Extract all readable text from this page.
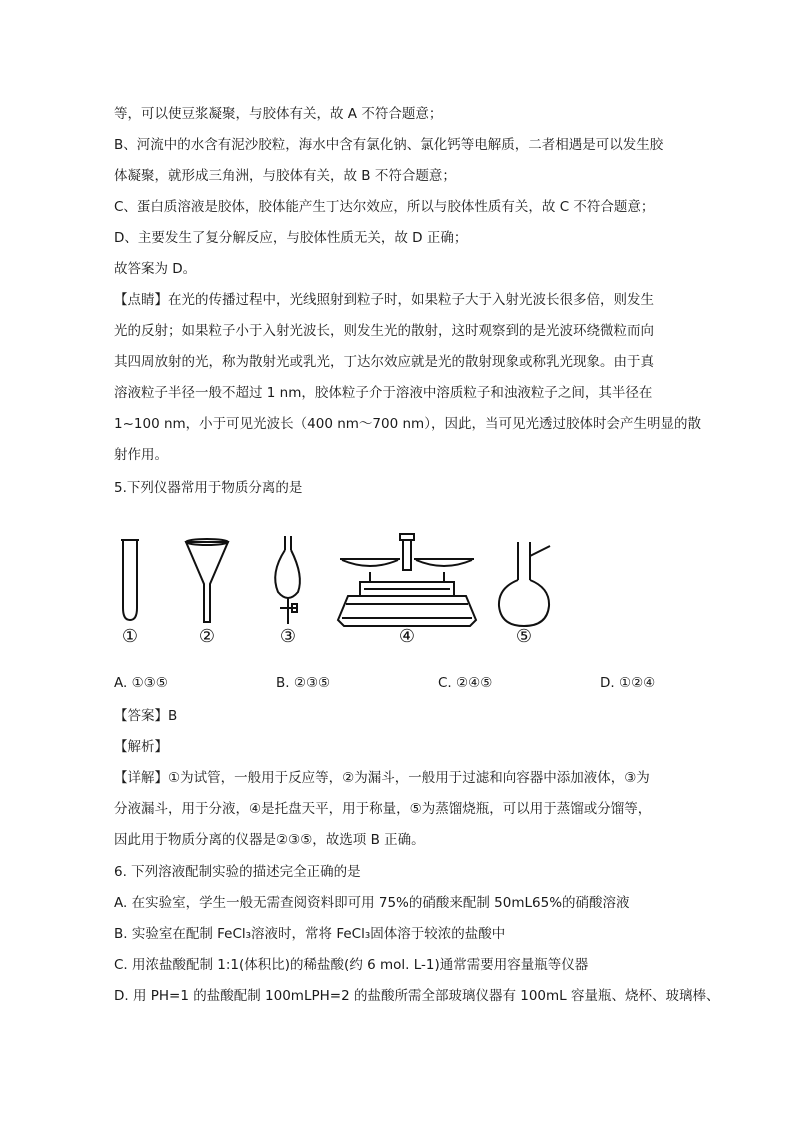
等，可以使豆浆凝聚，与胶体有关，故 A 不符合题意；
B、河流中的水含有泥沙胶粒，海水中含有氯化钠、氯化钙等电解质，二者相遇是可以发生胶
体凝聚，就形成三角洲，与胶体有关，故 B 不符合题意；
C、蛋白质溶液是胶体，胶体能产生丁达尔效应，所以与胶体性质有关，故 C 不符合题意；
D、主要发生了复分解反应，与胶体性质无关，故 D 正确；
故答案为 D。
【点睛】在光的传播过程中，光线照射到粒子时，如果粒子大于入射光波长很多倍，则发生
光的反射；如果粒子小于入射光波长，则发生光的散射，这时观察到的是光波环绕微粒而向
其四周放射的光，称为散射光或乳光，丁达尔效应就是光的散射现象或称乳光现象。由于真
溶液粒子半径一般不超过 1 nm，胶体粒子介于溶液中溶质粒子和浊液粒子之间，其半径在
1~100 nm，小于可见光波长（400 nm～700 nm），因此，当可见光透过胶体时会产生明显的散
射作用。
5.下列仪器常用于物质分离的是
①	②	③	④	⑤
A. ①③⑤	B. ②③⑤	C. ②④⑤	D. ①②④
【答案】B
【解析】
【详解】①为试管，一般用于反应等，②为漏斗，一般用于过滤和向容器中添加液体，③为
分液漏斗，用于分液，④是托盘天平，用于称量，⑤为蒸馏烧瓶，可以用于蒸馏或分馏等，
因此用于物质分离的仪器是②③⑤，故选项 B 正确。
6. 下列溶液配制实验的描述完全正确的是
A. 在实验室，学生一般无需查阅资料即可用 75%的硝酸来配制 50mL65%的硝酸溶液
B. 实验室在配制 FeCl₃溶液时，常将 FeCl₃固体溶于较浓的盐酸中
C. 用浓盐酸配制 1:1(体积比)的稀盐酸(约 6 mol. L-1)通常需要用容量瓶等仪器
D. 用 PH=1 的盐酸配制 100mLPH=2 的盐酸所需全部玻璃仪器有 100mL 容量瓶、烧杯、玻璃棒、
